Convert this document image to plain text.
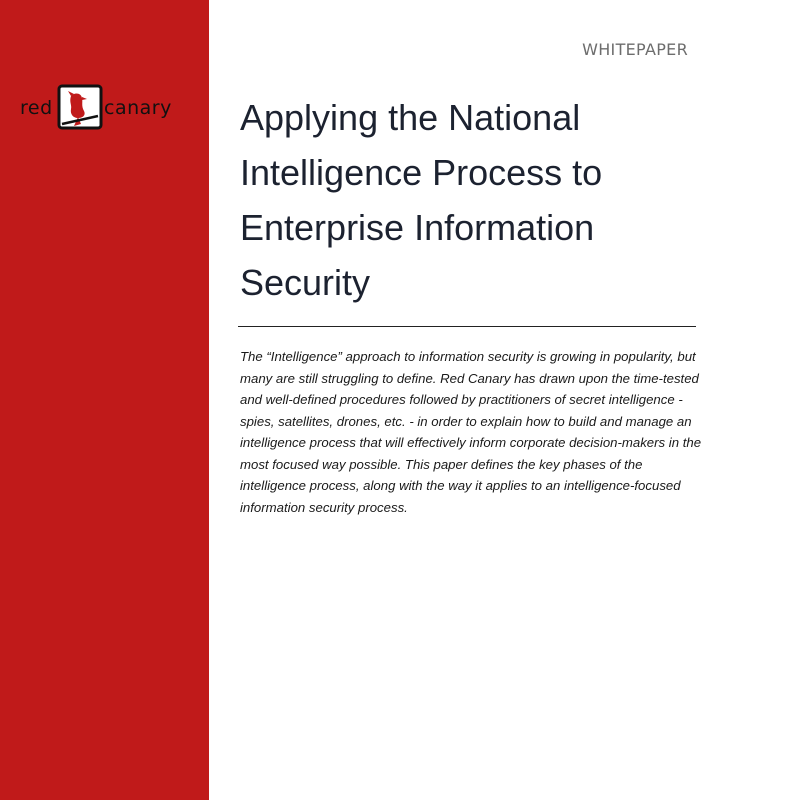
red	canary

WHITEPAPER

Applying the National Intelligence Process to Enterprise Information Security

The “Intelligence” approach to information security is growing in popularity, but many are still struggling to define. Red Canary has drawn upon the time-tested and well-defined procedures followed by practitioners of secret intelligence - spies, satellites, drones, etc. - in order to explain how to build and manage an intelligence process that will effectively inform corporate decision-makers in the most focused way possible. This paper defines the key phases of the intelligence process, along with the way it applies to an intelligence-focused information security process.
